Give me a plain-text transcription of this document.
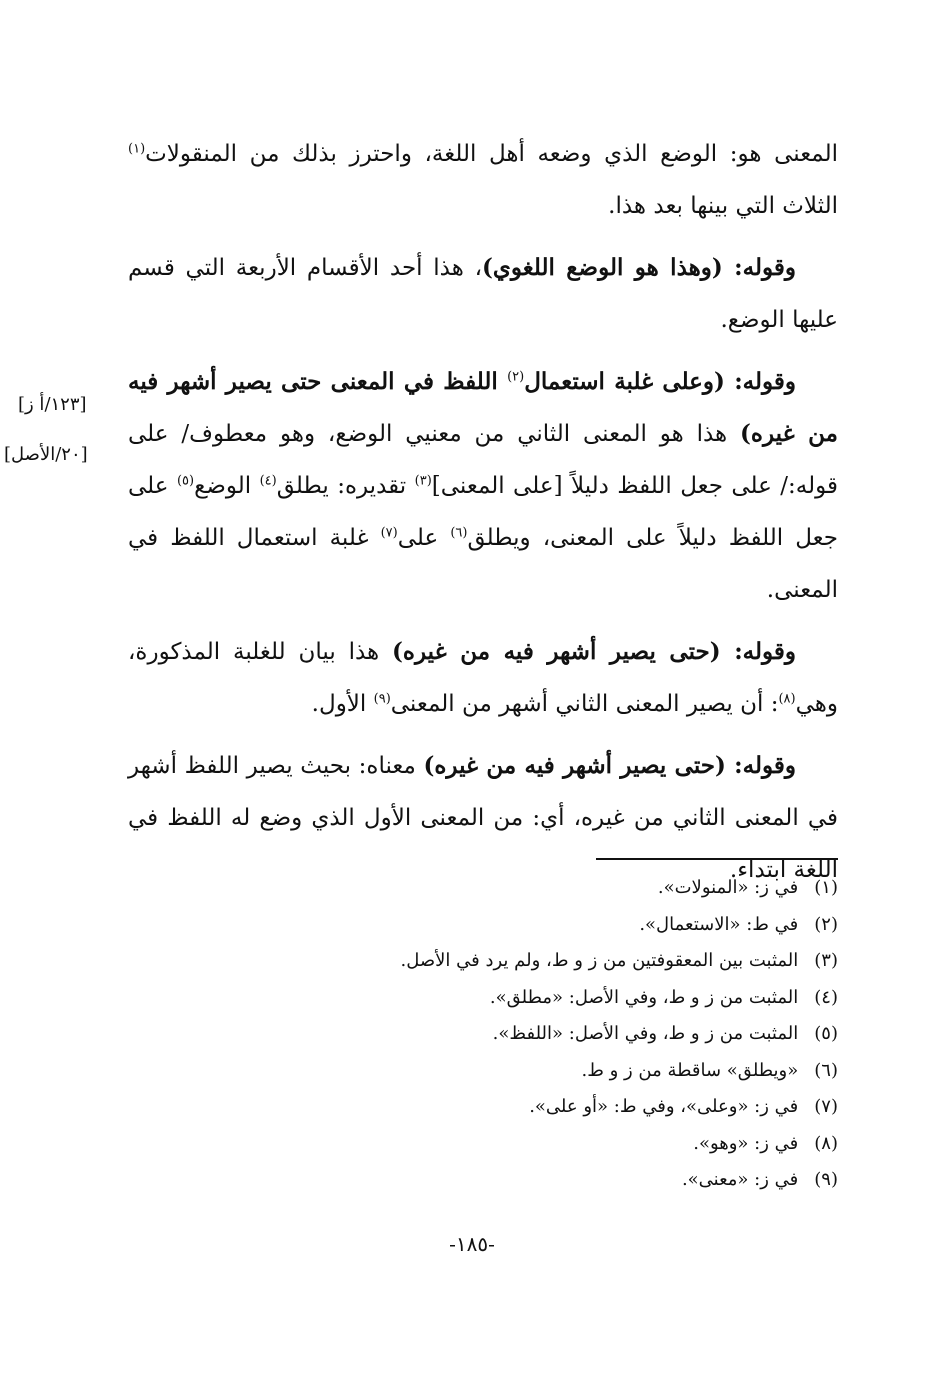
المعنى هو: الوضع الذي وضعه أهل اللغة، واحترز بذلك من المنقولات$^{(١)}$ الثلاث التي بينها بعد هذا.

وقوله: (وهذا هو الوضع اللغوي)، هذا أحد الأقسام الأربعة التي قسم عليها الوضع.

وقوله: (وعلى غلبة استعمال$^{(٢)}$ اللفظ في المعنى حتى يصير أشهر فيه من غيره) هذا هو المعنى الثاني من معنيي الوضع، وهو معطوف/ على قوله:/ على جعل اللفظ دليلاً [على المعنى]$^{(٣)}$ تقديره: يطلق$^{(٤)}$ الوضع$^{(٥)}$ على جعل اللفظ دليلاً على المعنى، ويطلق$^{(٦)}$ على$^{(٧)}$ غلبة استعمال اللفظ في المعنى.

وقوله: (حتى يصير أشهر فيه من غيره) هذا بيان للغلبة المذكورة، وهي$^{(٨)}$: أن يصير المعنى الثاني أشهر من المعنى$^{(٩)}$ الأول.

وقوله: (حتى يصير أشهر فيه من غيره) معناه: بحيث يصير اللفظ أشهر في المعنى الثاني من غيره، أي: من المعنى الأول الذي وضع له اللفظ في اللغة ابتداء.

[١٢٣/أ ز]
[٢٠/الأصل]
(١) في ز: «المنولات».
(٢) في ط: «الاستعمال».
(٣) المثبت بين المعقوفتين من ز و ط، ولم يرد في الأصل.
(٤) المثبت من ز و ط، وفي الأصل: «مطلق».
(٥) المثبت من ز و ط، وفي الأصل: «اللفظ».
(٦) «ويطلق» ساقطة من ز و ط.
(٧) في ز: «وعلى»، وفي ط: «أو على».
(٨) في ز: «وهو».
(٩) في ز: «معنى».
-١٨٥-
